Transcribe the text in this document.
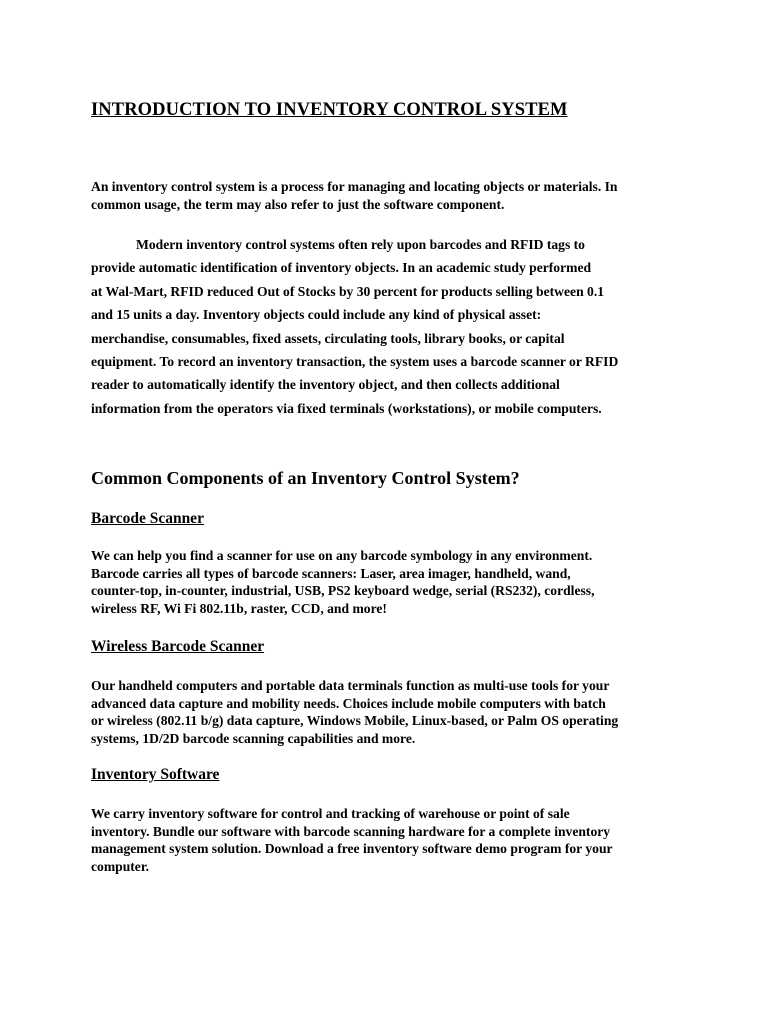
INTRODUCTION TO INVENTORY CONTROL SYSTEM

An inventory control system is a process for managing and locating objects or materials. In
common usage, the term may also refer to just the software component.

Modern inventory control systems often rely upon barcodes and RFID tags to
provide automatic identification of inventory objects. In an academic study performed
at Wal-Mart, RFID reduced Out of Stocks by 30 percent for products selling between 0.1
and 15 units a day. Inventory objects could include any kind of physical asset:
merchandise, consumables, fixed assets, circulating tools, library books, or capital
equipment. To record an inventory transaction, the system uses a barcode scanner or RFID
reader to automatically identify the inventory object, and then collects additional
information from the operators via fixed terminals (workstations), or mobile computers.

Common Components of an Inventory Control System?
Barcode Scanner

We can help you find a scanner for use on any barcode symbology in any environment.
Barcode carries all types of barcode scanners: Laser, area imager, handheld, wand,
counter-top, in-counter, industrial, USB, PS2 keyboard wedge, serial (RS232), cordless,
wireless RF, Wi Fi 802.11b, raster, CCD, and more!

Wireless Barcode Scanner

Our handheld computers and portable data terminals function as multi-use tools for your
advanced data capture and mobility needs. Choices include mobile computers with batch
or wireless (802.11 b/g) data capture, Windows Mobile, Linux-based, or Palm OS operating
systems, 1D/2D barcode scanning capabilities and more.

Inventory Software

We carry inventory software for control and tracking of warehouse or point of sale
inventory. Bundle our software with barcode scanning hardware for a complete inventory
management system solution. Download a free inventory software demo program for your
computer.
